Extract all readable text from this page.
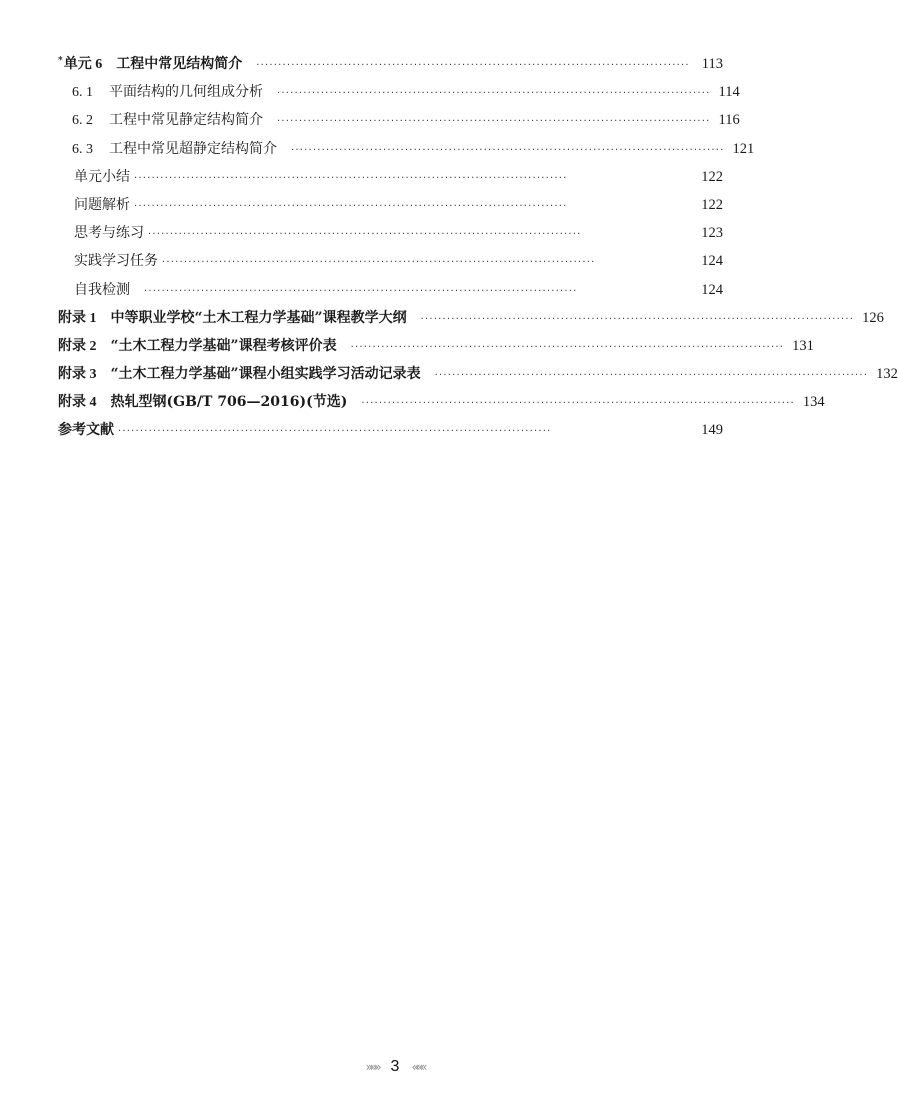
* 单元 6 工程中常见结构简介 ··································································································· 113
6. 1 平面结构的几何组成分析 ··································································································· 114
6. 2 工程中常见静定结构简介 ··································································································· 116
6. 3 工程中常见超静定结构简介 ··································································································· 121
单元小结 ···································································································	122
问题解析 ···································································································	122
思考与练习 ···································································································	123
实践学习任务 ···································································································	124
自我检测 ···································································································	124
附录 1 中等职业学校“土木工程力学基础”课程教学大纲 ··································································································· 126
附录 2 “土木工程力学基础”课程考核评价表 ··································································································· 131
附录 3 “土木工程力学基础”课程小组实践学习活动记录表 ··································································································· 132
附录 4 热轧型钢(GB/T 706—2016)(节选) ··································································································· 134
参考文献 ···································································································	149
»»» 3 «««
